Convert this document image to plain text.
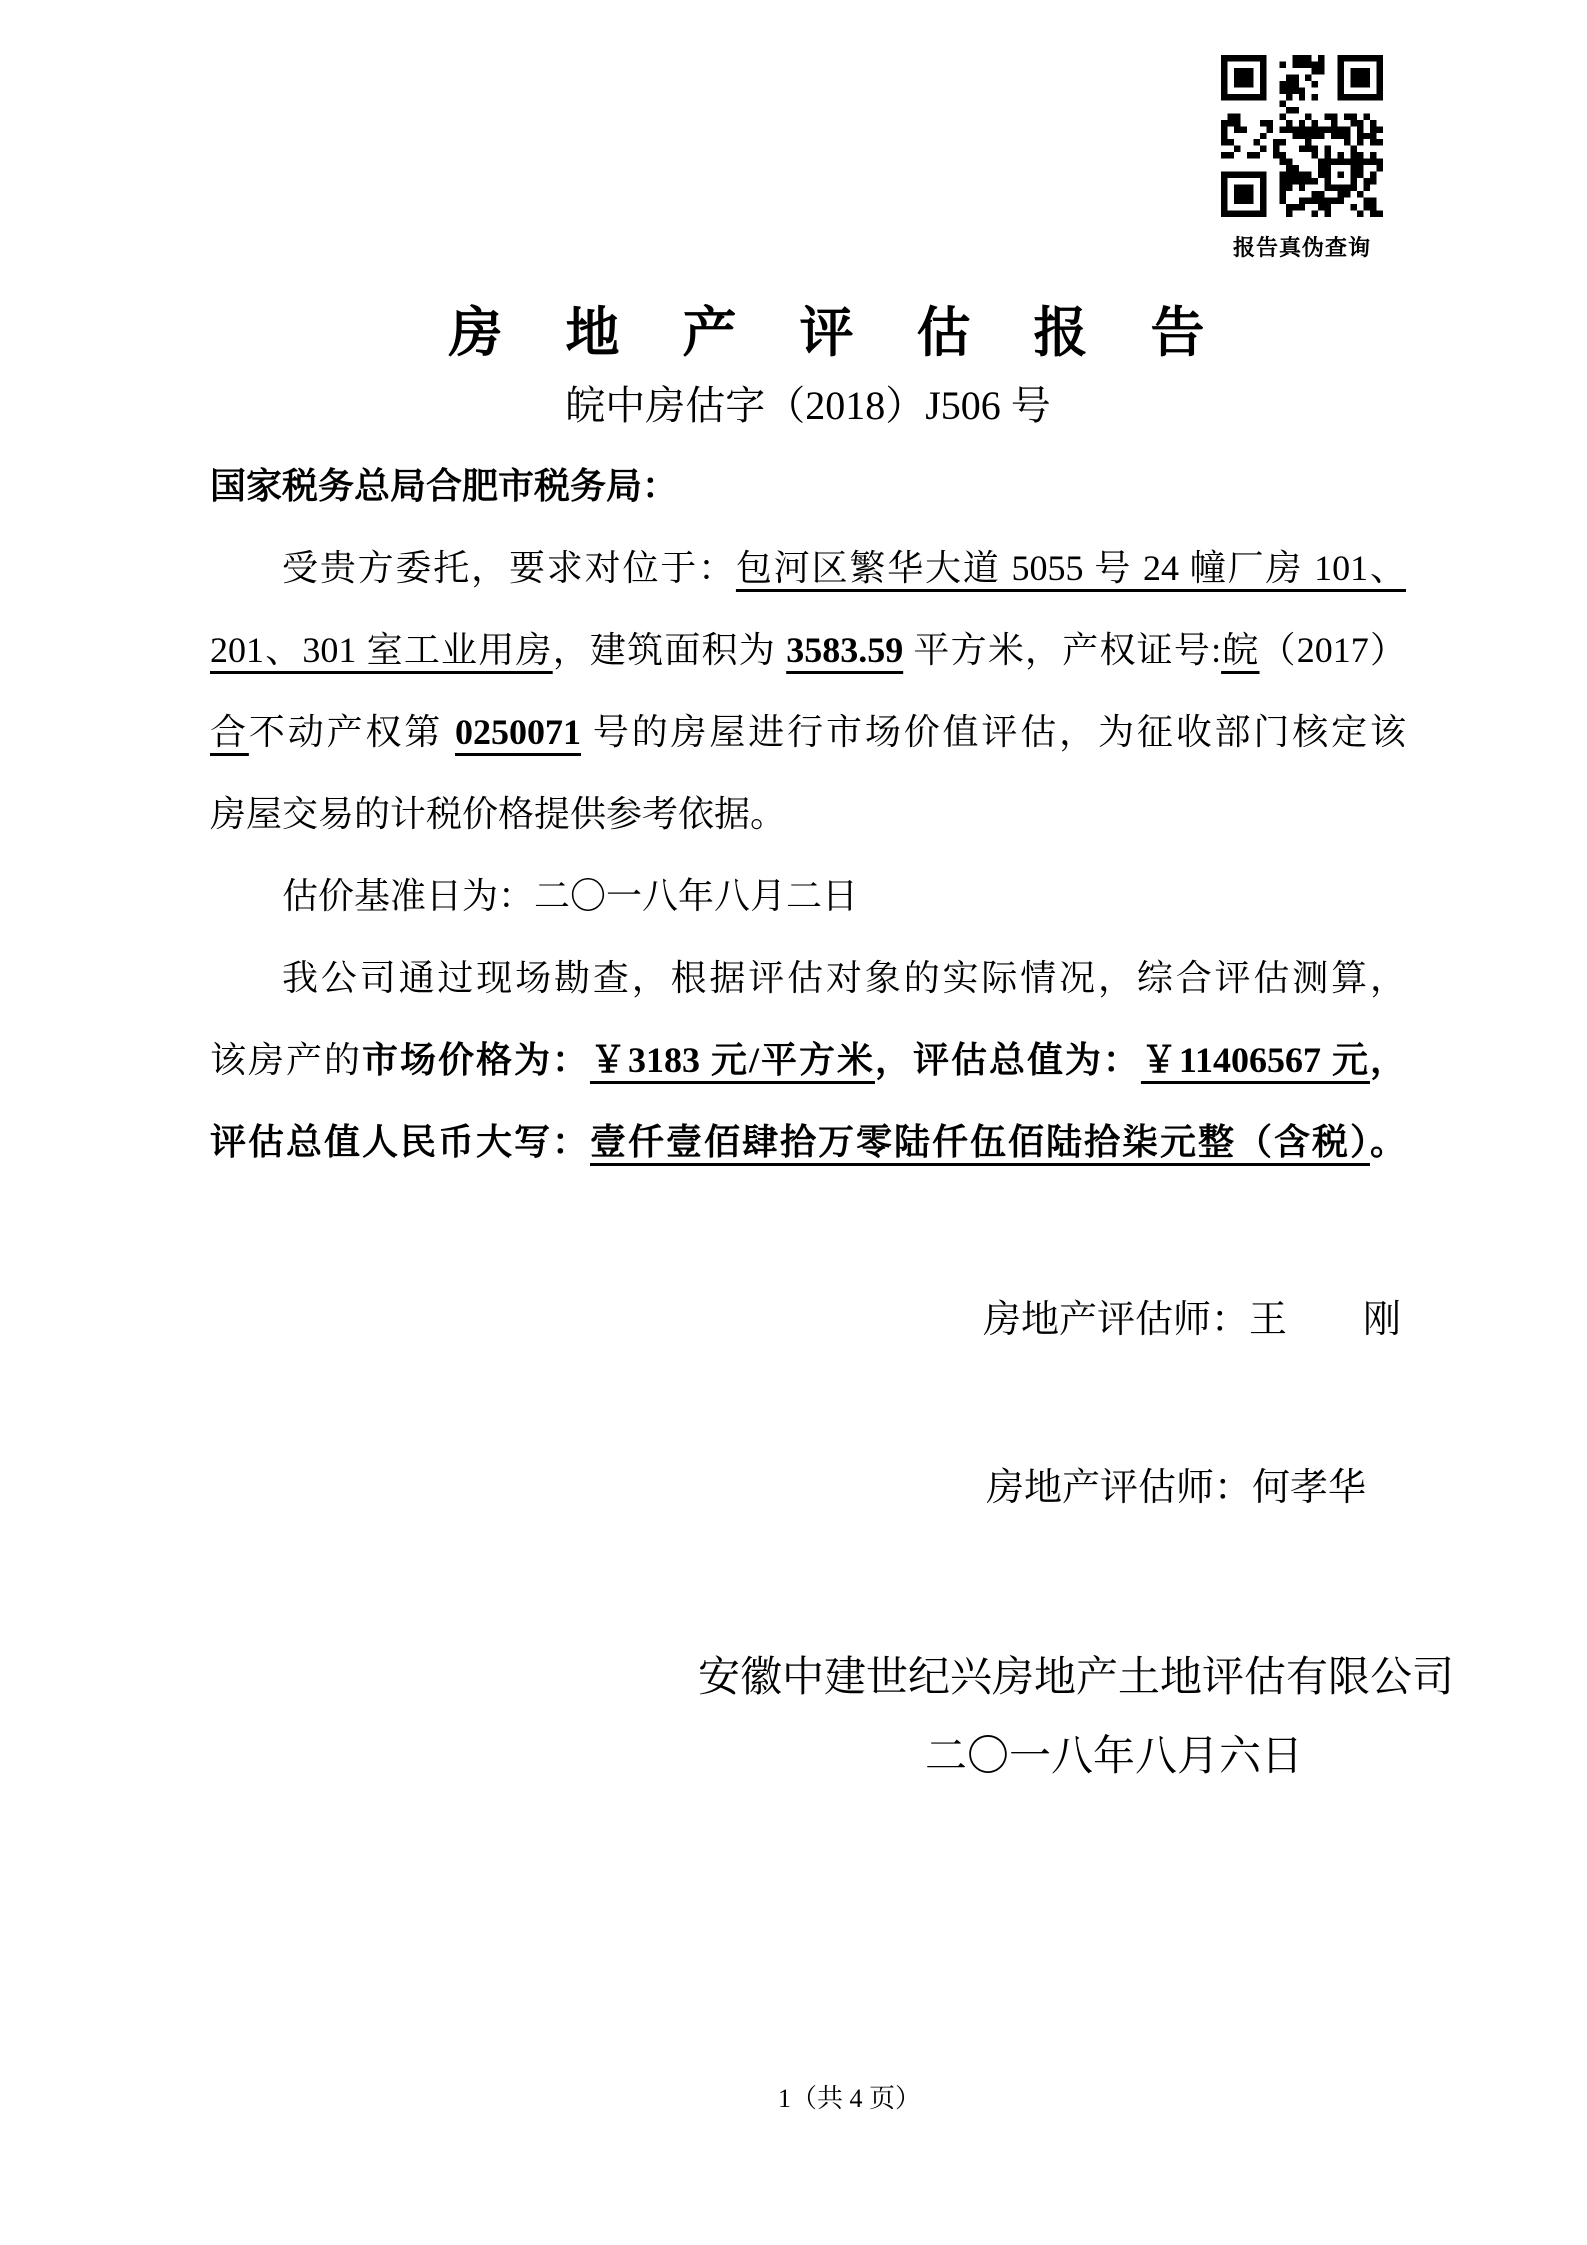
报告真伪查询
房地产评估报告
皖中房估字（2018）J506 号
国家税务总局合肥市税务局：
受贵方委托，要求对位于：包河区繁华大道 5055 号 24 幢厂房 101、
201、301 室工业用房，建筑面积为 3583.59 平方米，产权证号:皖（2017）
合不动产权第 0250071 号的房屋进行市场价值评估，为征收部门核定该
房屋交易的计税价格提供参考依据。
估价基准日为：二〇一八年八月二日
我公司通过现场勘查，根据评估对象的实际情况，综合评估测算，
该房产的市场价格为：￥3183 元/平方米，评估总值为：￥11406567 元，
评估总值人民币大写：壹仟壹佰肆拾万零陆仟伍佰陆拾柒元整（含税）。
房地产评估师：王　　刚
房地产评估师：何孝华
安徽中建世纪兴房地产土地评估有限公司
二〇一八年八月六日
1（共 4 页）
